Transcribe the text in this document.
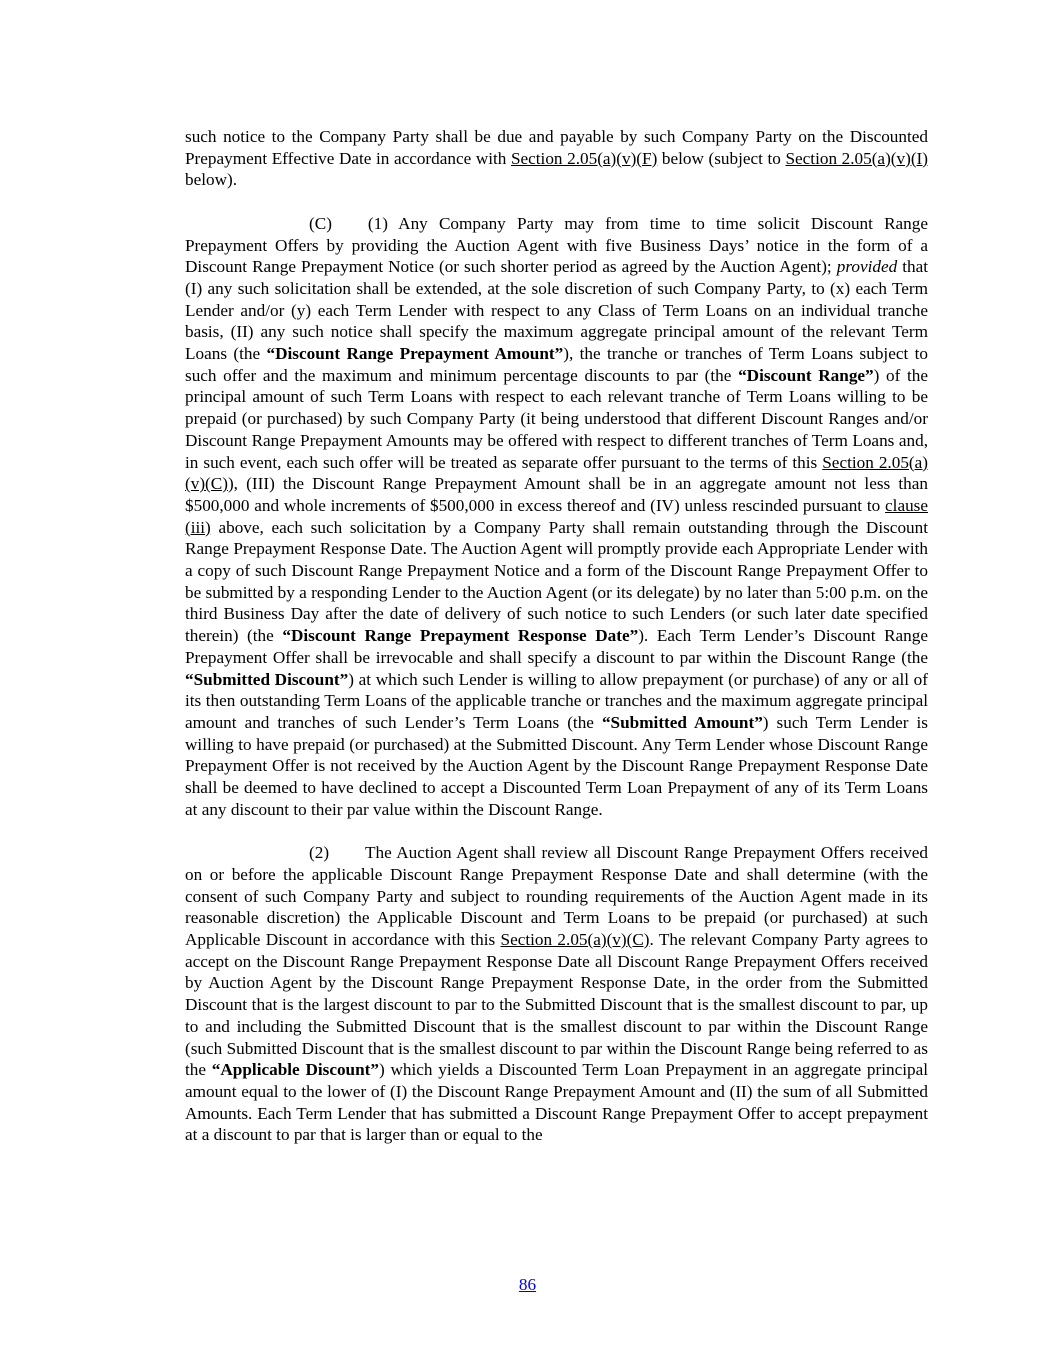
such notice to the Company Party shall be due and payable by such Company Party on the Discounted Prepayment Effective Date in accordance with Section 2.05(a)(v)(F) below (subject to Section 2.05(a)(v)(I) below).

(C) (1) Any Company Party may from time to time solicit Discount Range Prepayment Offers by providing the Auction Agent with five Business Days’ notice in the form of a Discount Range Prepayment Notice (or such shorter period as agreed by the Auction Agent); provided that (I) any such solicitation shall be extended, at the sole discretion of such Company Party, to (x) each Term Lender and/or (y) each Term Lender with respect to any Class of Term Loans on an individual tranche basis, (II) any such notice shall specify the maximum aggregate principal amount of the relevant Term Loans (the “Discount Range Prepayment Amount”), the tranche or tranches of Term Loans subject to such offer and the maximum and minimum percentage discounts to par (the “Discount Range”) of the principal amount of such Term Loans with respect to each relevant tranche of Term Loans willing to be prepaid (or purchased) by such Company Party (it being understood that different Discount Ranges and/or Discount Range Prepayment Amounts may be offered with respect to different tranches of Term Loans and, in such event, each such offer will be treated as separate offer pursuant to the terms of this Section 2.05(a)(v)(C)), (III) the Discount Range Prepayment Amount shall be in an aggregate amount not less than $500,000 and whole increments of $500,000 in excess thereof and (IV) unless rescinded pursuant to clause (iii) above, each such solicitation by a Company Party shall remain outstanding through the Discount Range Prepayment Response Date. The Auction Agent will promptly provide each Appropriate Lender with a copy of such Discount Range Prepayment Notice and a form of the Discount Range Prepayment Offer to be submitted by a responding Lender to the Auction Agent (or its delegate) by no later than 5:00 p.m. on the third Business Day after the date of delivery of such notice to such Lenders (or such later date specified therein) (the “Discount Range Prepayment Response Date”). Each Term Lender’s Discount Range Prepayment Offer shall be irrevocable and shall specify a discount to par within the Discount Range (the “Submitted Discount”) at which such Lender is willing to allow prepayment (or purchase) of any or all of its then outstanding Term Loans of the applicable tranche or tranches and the maximum aggregate principal amount and tranches of such Lender’s Term Loans (the “Submitted Amount”) such Term Lender is willing to have prepaid (or purchased) at the Submitted Discount. Any Term Lender whose Discount Range Prepayment Offer is not received by the Auction Agent by the Discount Range Prepayment Response Date shall be deemed to have declined to accept a Discounted Term Loan Prepayment of any of its Term Loans at any discount to their par value within the Discount Range.

(2) The Auction Agent shall review all Discount Range Prepayment Offers received on or before the applicable Discount Range Prepayment Response Date and shall determine (with the consent of such Company Party and subject to rounding requirements of the Auction Agent made in its reasonable discretion) the Applicable Discount and Term Loans to be prepaid (or purchased) at such Applicable Discount in accordance with this Section 2.05(a)(v)(C). The relevant Company Party agrees to accept on the Discount Range Prepayment Response Date all Discount Range Prepayment Offers received by Auction Agent by the Discount Range Prepayment Response Date, in the order from the Submitted Discount that is the largest discount to par to the Submitted Discount that is the smallest discount to par, up to and including the Submitted Discount that is the smallest discount to par within the Discount Range (such Submitted Discount that is the smallest discount to par within the Discount Range being referred to as the “Applicable Discount”) which yields a Discounted Term Loan Prepayment in an aggregate principal amount equal to the lower of (I) the Discount Range Prepayment Amount and (II) the sum of all Submitted Amounts. Each Term Lender that has submitted a Discount Range Prepayment Offer to accept prepayment at a discount to par that is larger than or equal to the

86
